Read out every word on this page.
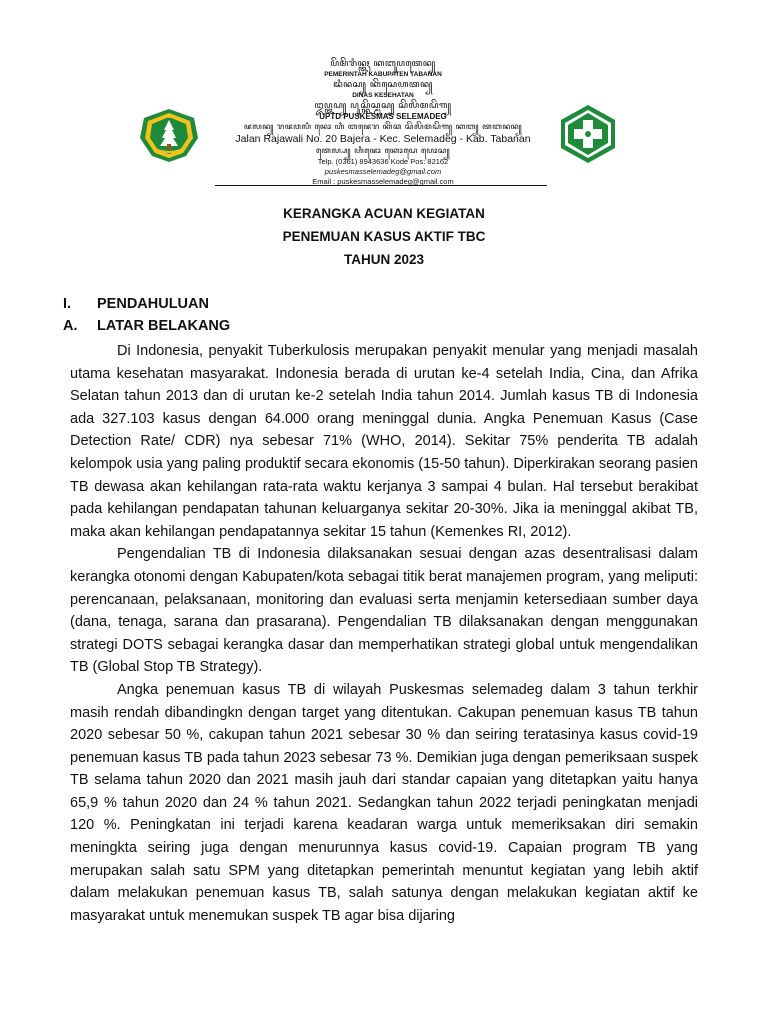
ꦥꦼꦩꦼꦫꦶꦤ꧀ꦠꦃ ꦏꦧꦸꦥꦠꦺꦤ꧀
PEMERINTAH KABUPATEN TABANAN
ꦢꦶꦤꦱ꧀ ꦏꦼꦱꦺꦲꦠꦤ꧀
DINAS KESEHATAN
ꦈꦥ꧀ꦠꦝ꧀ ꦥꦸꦱ꧀ꦏꦼꦱ꧀ꦩꦱ꧀ ꦱꦼꦭꦼꦩꦝꦼꦒ꧀
UPTD PUSKESMAS SELEMADEG
ꦗꦭꦤ꧀ ꦫꦗꦮꦭꦶ ꦤꦺꦴ ꦲꦶ ꦧꦗꦺꦫ ꦏꦼꦕ ꦱꦼꦭꦼꦩꦝꦼꦒ꧀ ꦏꦧ꧀ ꦠꦧꦤꦤ꧀
Jalan Rajawali No. 20 Bajera - Kec. Selemadeg - Kab. Tabanan
ꦠꦺꦭ꧀ꦥ꧀ ꦲꦶꦗꦺꦴ ꦏꦺꦴꦝꦺ ꦥꦺꦴꦱ꧀
Telp. (0361) 8943636 Kode Pos: 82162
puskesmasselemadeg@gmail.com
Email : puskesmasselemadeg@gmail.com
KERANGKA ACUAN KEGIATAN
PENEMUAN KASUS AKTIF TBC
TAHUN 2023
I. PENDAHULUAN
A. LATAR BELAKANG

Di Indonesia, penyakit Tuberkulosis merupakan penyakit menular yang menjadi masalah utama kesehatan masyarakat. Indonesia berada di urutan ke-4 setelah India, Cina, dan Afrika Selatan tahun 2013 dan di urutan ke-2 setelah India tahun 2014. Jumlah kasus TB di Indonesia ada 327.103 kasus dengan 64.000 orang meninggal dunia. Angka Penemuan Kasus (Case Detection Rate/ CDR) nya sebesar 71% (WHO, 2014). Sekitar 75% penderita TB adalah kelompok usia yang paling produktif secara ekonomis (15-50 tahun). Diperkirakan seorang pasien TB dewasa akan kehilangan rata-rata waktu kerjanya 3 sampai 4 bulan. Hal tersebut berakibat pada kehilangan pendapatan tahunan keluarganya sekitar 20-30%. Jika ia meninggal akibat TB, maka akan kehilangan pendapatannya sekitar 15 tahun (Kemenkes RI, 2012).

Pengendalian TB di Indonesia dilaksanakan sesuai dengan azas desentralisasi dalam kerangka otonomi dengan Kabupaten/kota sebagai titik berat manajemen program, yang meliputi: perencanaan, pelaksanaan, monitoring dan evaluasi serta menjamin ketersediaan sumber daya (dana, tenaga, sarana dan prasarana). Pengendalian TB dilaksanakan dengan menggunakan strategi DOTS sebagai kerangka dasar dan memperhatikan strategi global untuk mengendalikan TB (Global Stop TB Strategy).

Angka penemuan kasus TB di wilayah Puskesmas selemadeg dalam 3 tahun terkhir masih rendah dibandingkn dengan target yang ditentukan. Cakupan penemuan kasus TB tahun 2020 sebesar 50 %, cakupan tahun 2021 sebesar 30 % dan seiring teratasinya kasus covid-19 penemuan kasus TB pada tahun 2023 sebesar 73 %. Demikian juga dengan pemeriksaan suspek TB selama tahun 2020 dan 2021 masih jauh dari standar capaian yang ditetapkan yaitu hanya 65,9 % tahun 2020 dan 24 % tahun 2021. Sedangkan tahun 2022 terjadi peningkatan menjadi 120 %. Peningkatan ini terjadi karena keadaran warga untuk memeriksakan diri semakin meningkta seiring juga dengan menurunnya kasus covid-19. Capaian program TB yang merupakan salah satu SPM yang ditetapkan pemerintah menuntut kegiatan yang lebih aktif dalam melakukan penemuan kasus TB, salah satunya dengan melakukan kegiatan aktif ke masyarakat untuk menemukan suspek TB agar bisa dijaring
